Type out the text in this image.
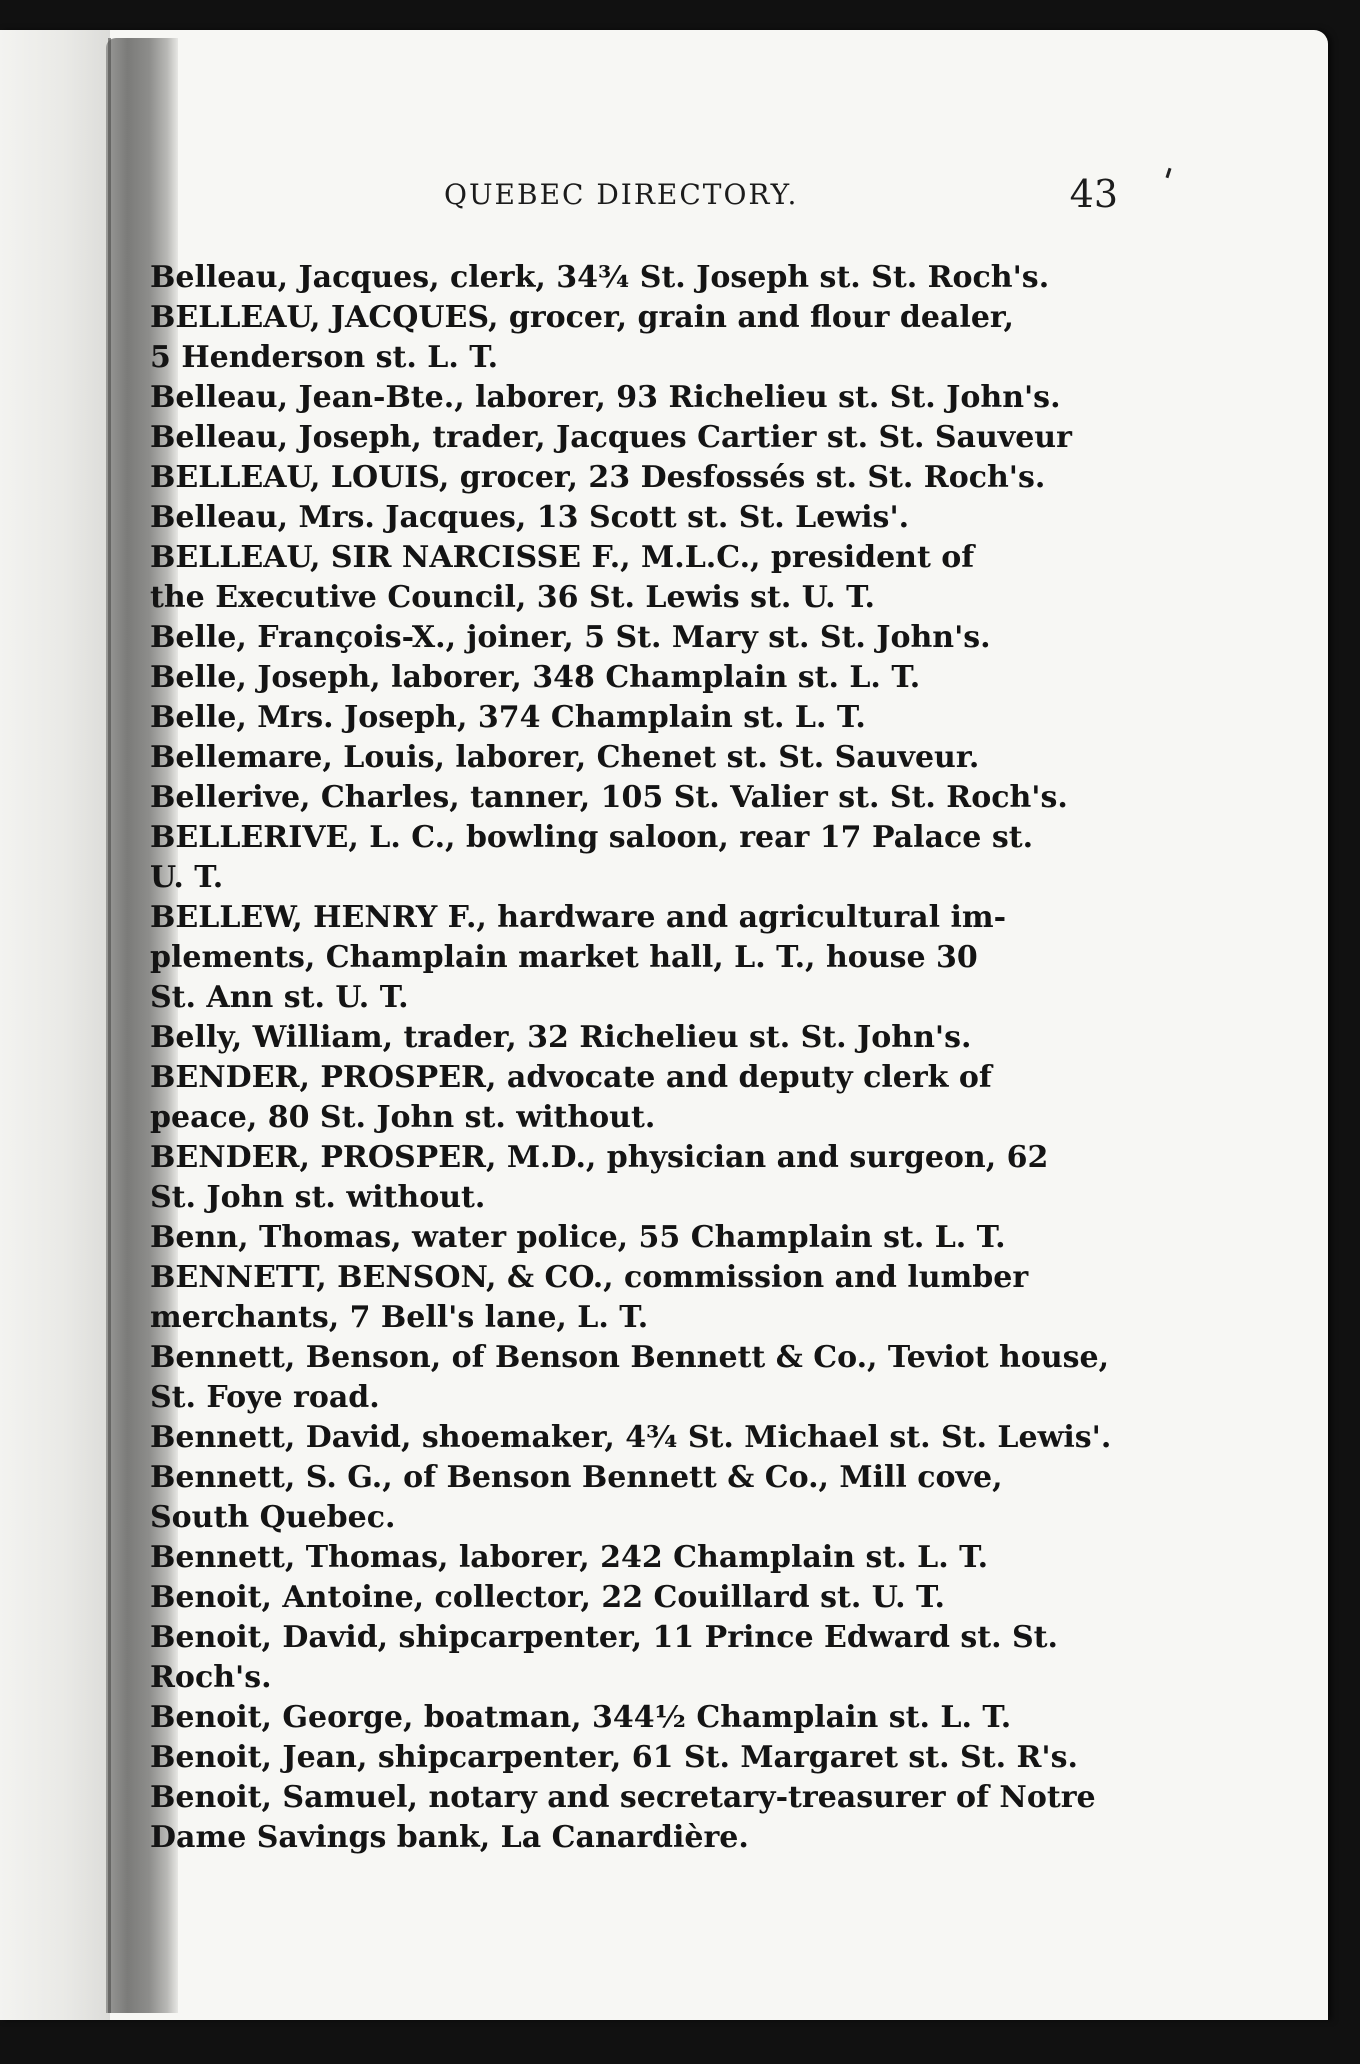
QUEBEC DIRECTORY.	43
Belleau, Jacques, clerk, 34¾ St. Joseph st. St. Roch's.
BELLEAU, JACQUES, grocer, grain and flour dealer,
5 Henderson st. L. T.
Belleau, Jean-Bte., laborer, 93 Richelieu st. St. John's.
Belleau, Joseph, trader, Jacques Cartier st. St. Sauveur
BELLEAU, LOUIS, grocer, 23 Desfossés st. St. Roch's.
Belleau, Mrs. Jacques, 13 Scott st. St. Lewis'.
BELLEAU, SIR NARCISSE F., M.L.C., president of
the Executive Council, 36 St. Lewis st. U. T.
Belle, François-X., joiner, 5 St. Mary st. St. John's.
Belle, Joseph, laborer, 348 Champlain st. L. T.
Belle, Mrs. Joseph, 374 Champlain st. L. T.
Bellemare, Louis, laborer, Chenet st. St. Sauveur.
Bellerive, Charles, tanner, 105 St. Valier st. St. Roch's.
BELLERIVE, L. C., bowling saloon, rear 17 Palace st.
U. T.
BELLEW, HENRY F., hardware and agricultural im-
plements, Champlain market hall, L. T., house 30
St. Ann st. U. T.
Belly, William, trader, 32 Richelieu st. St. John's.
BENDER, PROSPER, advocate and deputy clerk of
peace, 80 St. John st. without.
BENDER, PROSPER, M.D., physician and surgeon, 62
St. John st. without.
Benn, Thomas, water police, 55 Champlain st. L. T.
BENNETT, BENSON, & CO., commission and lumber
merchants, 7 Bell's lane, L. T.
Bennett, Benson, of Benson Bennett & Co., Teviot house,
St. Foye road.
Bennett, David, shoemaker, 4¾ St. Michael st. St. Lewis'.
Bennett, S. G., of Benson Bennett & Co., Mill cove,
South Quebec.
Bennett, Thomas, laborer, 242 Champlain st. L. T.
Benoit, Antoine, collector, 22 Couillard st. U. T.
Benoit, David, shipcarpenter, 11 Prince Edward st. St.
Roch's.
Benoit, George, boatman, 344½ Champlain st. L. T.
Benoit, Jean, shipcarpenter, 61 St. Margaret st. St. R's.
Benoit, Samuel, notary and secretary-treasurer of Notre
Dame Savings bank, La Canardière.
